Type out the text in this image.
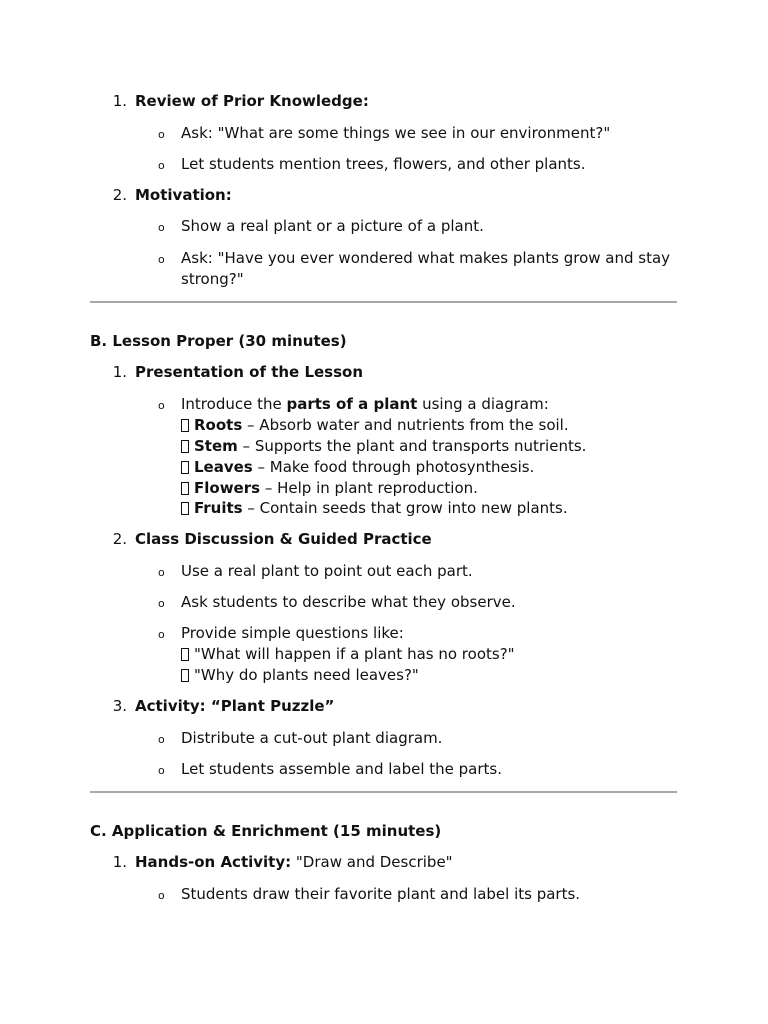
1. Review of Prior Knowledge:
o Ask: "What are some things we see in our environment?"
o Let students mention trees, flowers, and other plants.
2. Motivation:
o Show a real plant or a picture of a plant.
o Ask: "Have you ever wondered what makes plants grow and stay
strong?"
B. Lesson Proper (30 minutes)
1. Presentation of the Lesson
o Introduce the parts of a plant using a diagram:
Roots – Absorb water and nutrients from the soil.
Stem – Supports the plant and transports nutrients.
Leaves – Make food through photosynthesis.
Flowers – Help in plant reproduction.
Fruits – Contain seeds that grow into new plants.
2. Class Discussion & Guided Practice
o Use a real plant to point out each part.
o Ask students to describe what they observe.
o Provide simple questions like:
"What will happen if a plant has no roots?"
"Why do plants need leaves?"
3. Activity: “Plant Puzzle”
o Distribute a cut-out plant diagram.
o Let students assemble and label the parts.
C. Application & Enrichment (15 minutes)
1. Hands-on Activity: "Draw and Describe"
o Students draw their favorite plant and label its parts.
